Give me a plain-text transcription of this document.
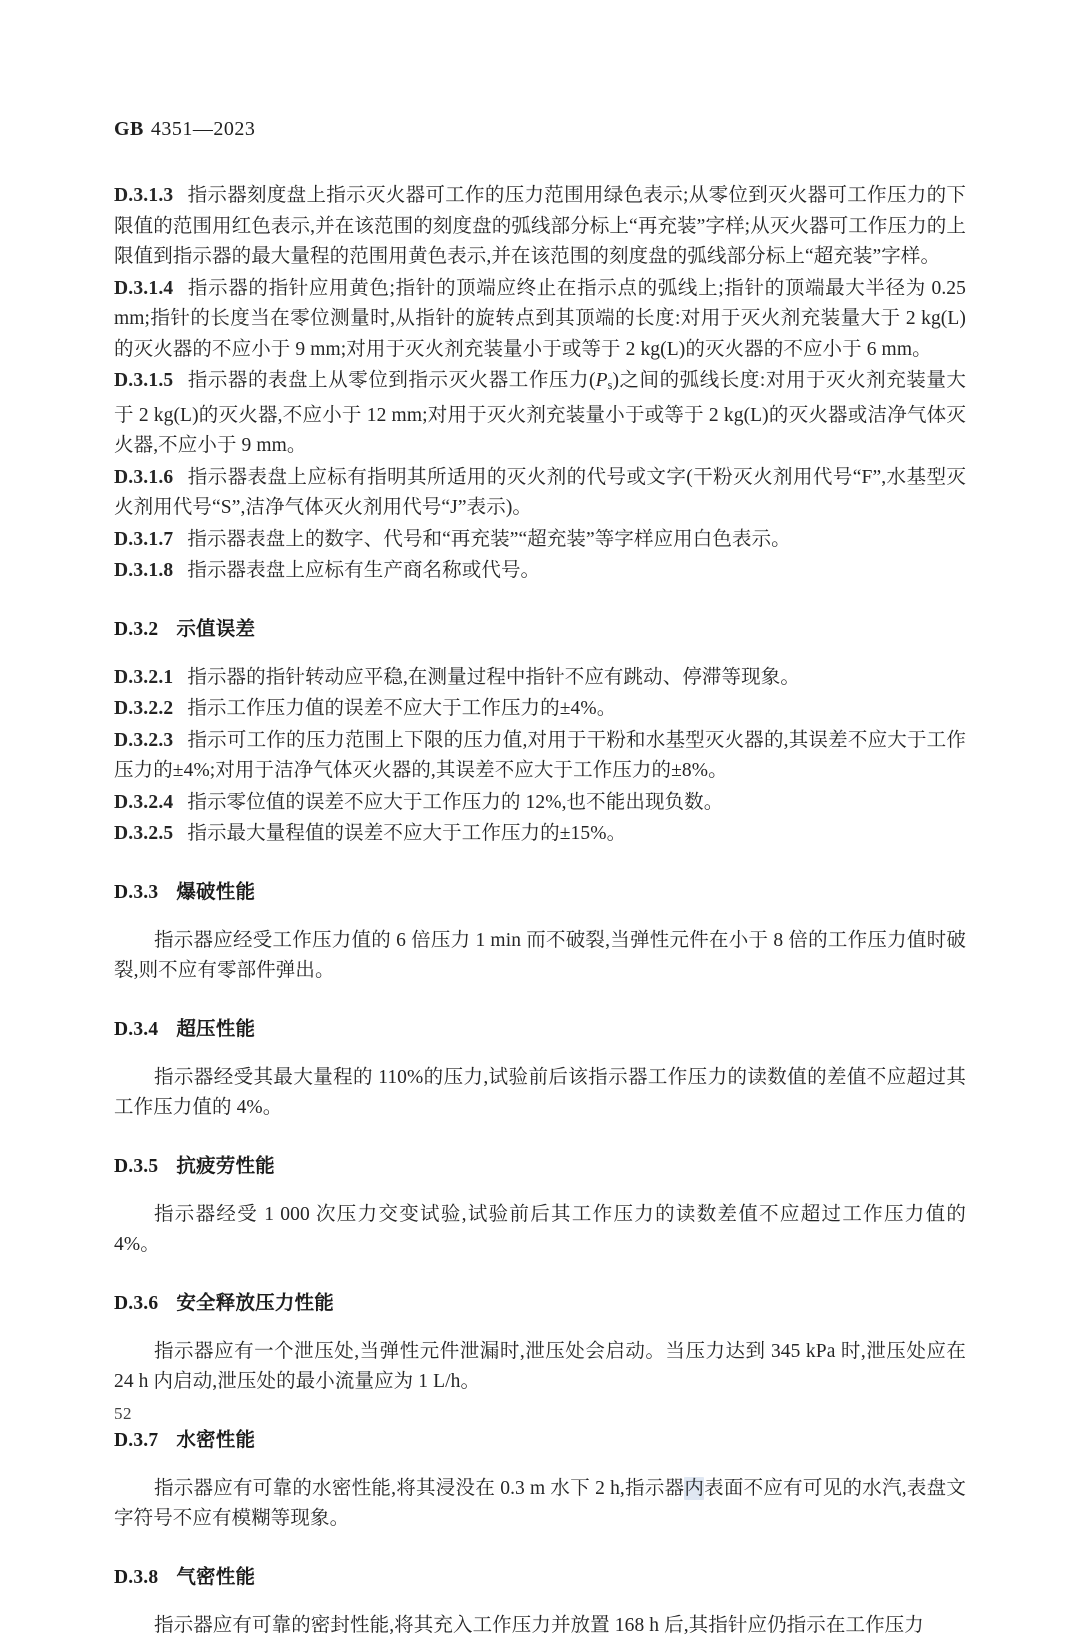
GB 4351—2023

D.3.1.3 指示器刻度盘上指示灭火器可工作的压力范围用绿色表示;从零位到灭火器可工作压力的下限值的范围用红色表示,并在该范围的刻度盘的弧线部分标上“再充装”字样;从灭火器可工作压力的上限值到指示器的最大量程的范围用黄色表示,并在该范围的刻度盘的弧线部分标上“超充装”字样。

D.3.1.4 指示器的指针应用黄色;指针的顶端应终止在指示点的弧线上;指针的顶端最大半径为 0.25 mm;指针的长度当在零位测量时,从指针的旋转点到其顶端的长度:对用于灭火剂充装量大于 2 kg(L)的灭火器的不应小于 9 mm;对用于灭火剂充装量小于或等于 2 kg(L)的灭火器的不应小于 6 mm。

D.3.1.5 指示器的表盘上从零位到指示灭火器工作压力$(P_s)$之间的弧线长度:对用于灭火剂充装量大于 2 kg(L)的灭火器,不应小于 12 mm;对用于灭火剂充装量小于或等于 2 kg(L)的灭火器或洁净气体灭火器,不应小于 9 mm。

D.3.1.6 指示器表盘上应标有指明其所适用的灭火剂的代号或文字(干粉灭火剂用代号“F”,水基型灭火剂用代号“S”,洁净气体灭火剂用代号“J”表示)。

D.3.1.7 指示器表盘上的数字、代号和“再充装”“超充装”等字样应用白色表示。

D.3.1.8 指示器表盘上应标有生产商名称或代号。

D.3.2 示值误差

D.3.2.1 指示器的指针转动应平稳,在测量过程中指针不应有跳动、停滞等现象。

D.3.2.2 指示工作压力值的误差不应大于工作压力的±4%。

D.3.2.3 指示可工作的压力范围上下限的压力值,对用于干粉和水基型灭火器的,其误差不应大于工作压力的±4%;对用于洁净气体灭火器的,其误差不应大于工作压力的±8%。

D.3.2.4 指示零位值的误差不应大于工作压力的 12%,也不能出现负数。

D.3.2.5 指示最大量程值的误差不应大于工作压力的±15%。

D.3.3 爆破性能

指示器应经受工作压力值的 6 倍压力 1 min 而不破裂,当弹性元件在小于 8 倍的工作压力值时破裂,则不应有零部件弹出。

D.3.4 超压性能

指示器经受其最大量程的 110%的压力,试验前后该指示器工作压力的读数值的差值不应超过其工作压力值的 4%。

D.3.5 抗疲劳性能

指示器经受 1 000 次压力交变试验,试验前后其工作压力的读数差值不应超过工作压力值的 4%。

D.3.6 安全释放压力性能

指示器应有一个泄压处,当弹性元件泄漏时,泄压处会启动。当压力达到 345 kPa 时,泄压处应在 24 h 内启动,泄压处的最小流量应为 1 L/h。

D.3.7 水密性能

指示器应有可靠的水密性能,将其浸没在 0.3 m 水下 2 h,指示器内表面不应有可见的水汽,表盘文字符号不应有模糊等现象。

D.3.8 气密性能

指示器应有可靠的密封性能,将其充入工作压力并放置 168 h 后,其指针应仍指示在工作压力

52
